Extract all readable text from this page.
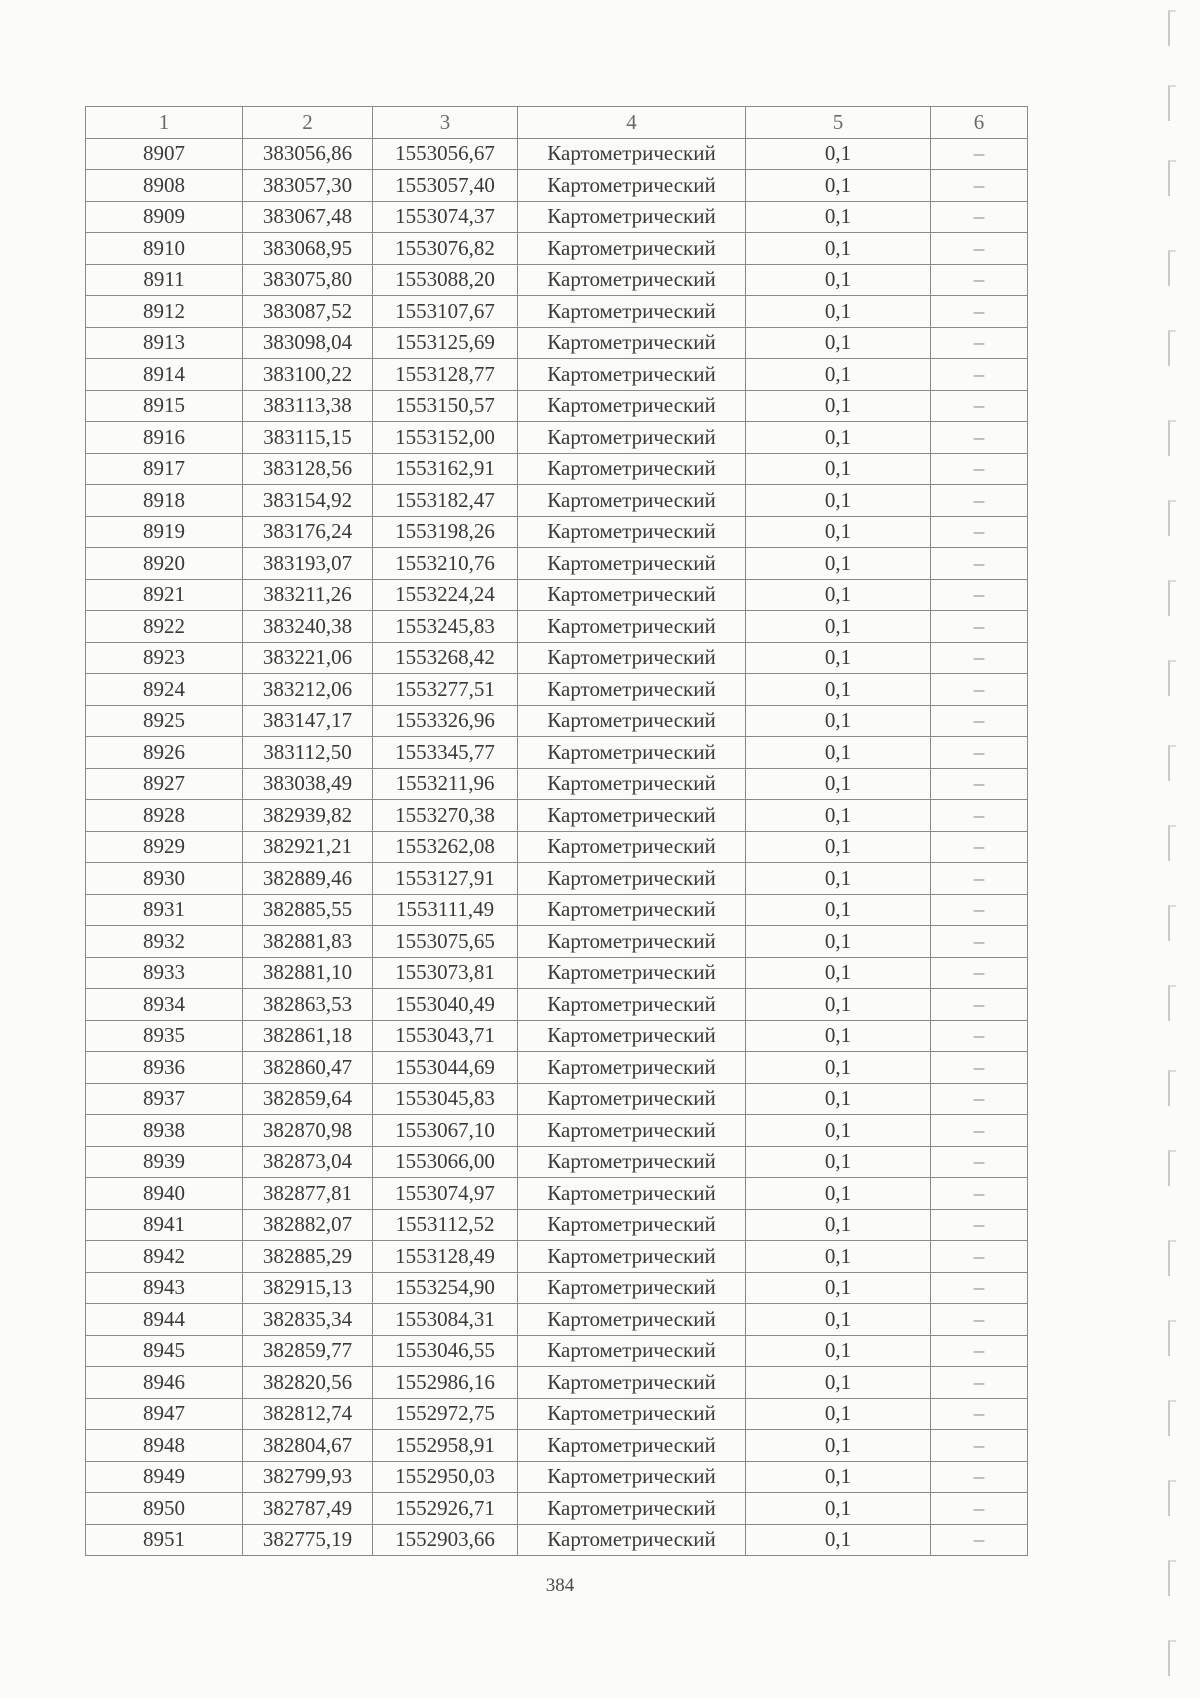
1	2	3	4	5	6
8907	383056,86	1553056,67	Картометрический	0,1	–
8908	383057,30	1553057,40	Картометрический	0,1	–
8909	383067,48	1553074,37	Картометрический	0,1	–
8910	383068,95	1553076,82	Картометрический	0,1	–
8911	383075,80	1553088,20	Картометрический	0,1	–
8912	383087,52	1553107,67	Картометрический	0,1	–
8913	383098,04	1553125,69	Картометрический	0,1	–
8914	383100,22	1553128,77	Картометрический	0,1	–
8915	383113,38	1553150,57	Картометрический	0,1	–
8916	383115,15	1553152,00	Картометрический	0,1	–
8917	383128,56	1553162,91	Картометрический	0,1	–
8918	383154,92	1553182,47	Картометрический	0,1	–
8919	383176,24	1553198,26	Картометрический	0,1	–
8920	383193,07	1553210,76	Картометрический	0,1	–
8921	383211,26	1553224,24	Картометрический	0,1	–
8922	383240,38	1553245,83	Картометрический	0,1	–
8923	383221,06	1553268,42	Картометрический	0,1	–
8924	383212,06	1553277,51	Картометрический	0,1	–
8925	383147,17	1553326,96	Картометрический	0,1	–
8926	383112,50	1553345,77	Картометрический	0,1	–
8927	383038,49	1553211,96	Картометрический	0,1	–
8928	382939,82	1553270,38	Картометрический	0,1	–
8929	382921,21	1553262,08	Картометрический	0,1	–
8930	382889,46	1553127,91	Картометрический	0,1	–
8931	382885,55	1553111,49	Картометрический	0,1	–
8932	382881,83	1553075,65	Картометрический	0,1	–
8933	382881,10	1553073,81	Картометрический	0,1	–
8934	382863,53	1553040,49	Картометрический	0,1	–
8935	382861,18	1553043,71	Картометрический	0,1	–
8936	382860,47	1553044,69	Картометрический	0,1	–
8937	382859,64	1553045,83	Картометрический	0,1	–
8938	382870,98	1553067,10	Картометрический	0,1	–
8939	382873,04	1553066,00	Картометрический	0,1	–
8940	382877,81	1553074,97	Картометрический	0,1	–
8941	382882,07	1553112,52	Картометрический	0,1	–
8942	382885,29	1553128,49	Картометрический	0,1	–
8943	382915,13	1553254,90	Картометрический	0,1	–
8944	382835,34	1553084,31	Картометрический	0,1	–
8945	382859,77	1553046,55	Картометрический	0,1	–
8946	382820,56	1552986,16	Картометрический	0,1	–
8947	382812,74	1552972,75	Картометрический	0,1	–
8948	382804,67	1552958,91	Картометрический	0,1	–
8949	382799,93	1552950,03	Картометрический	0,1	–
8950	382787,49	1552926,71	Картометрический	0,1	–
8951	382775,19	1552903,66	Картометрический	0,1	–
384
